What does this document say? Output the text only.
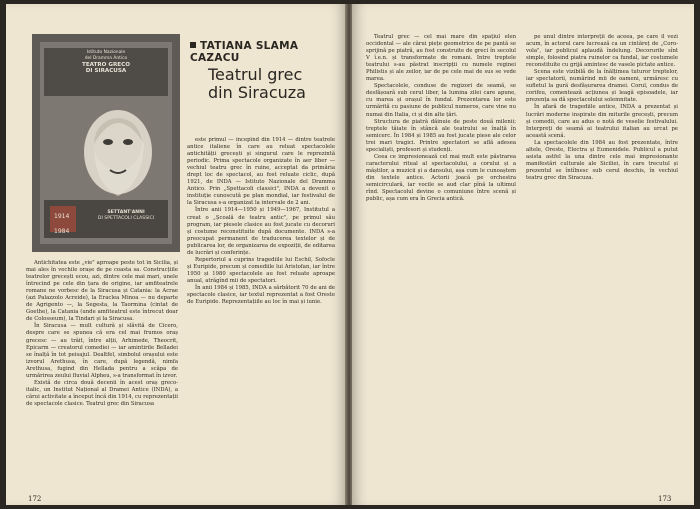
Istituto Nazionale
del Dramma Antico
TEATRO GRECO
DI SIRACUSA
1914
1984
SETTANT'ANNI
DI SPETTACOLI CLASSICI
TATIANA SLAMA CAZACU
Teatrul grec din Siracuza

Antichitatea este „vie" aproape peste tot în Sicilia, și mai ales în vechile orașe de pe coasta sa. Construcțiile teatrelor grecești ecou, azi, dintre cele mai mari, unele întrecind pe cele din țara de origine, iar amfiteatrele romane ne vorbesc de la Siracusa și Catania: la Acrae (azi Palazzolo Acreide), la Eraclea Minoa — nu departe de Agrigento —, la Segesta, la Taormina (cintat de Goethe), la Catania (unde amfiteatrul este întrecut doar de Colosseum), la Tindari și la Siracusa.

În Siracusa — mult cultură și slăvită de Cicero, despre care se spunea că era cel mai frumos oraș grecesc — au trăit, între alții, Arhimede, Theocrit, Epicarm — creatorul comediei — iar amintirile Belladei se înalță în tot peisajul. Dealtfel, simbolul orașului este izvorul Arethusa, în care, după legendă, nimfa Arethusa, fugind din Hellada pentru a scăpa de urmărirea zeului fluvial Alpheu, s-a transformat în izvor.

Există de circa două decenii în acest oraș greco-italic, un Institut Național al Dramei Antice (INDA), a cărui activitate a început încă din 1914, cu reprezentații de spectacole clasice. Teatrul grec din Siracusa

este primul — începînd din 1914 — dintre teatrele antice italiene în care au reluat spectacolele antichității grecești și singurul care le reprezintă periodic. Prima spectacole organizate în aer liber — vechiul teatru grec în ruine, acceptat da primăria drept loc de spectacol, au fost reluate ciclic, după 1921, de INDA — Istituto Nazionale del Dramma Antico. Prin „Spettacoli classici", INDA a devenit o instituție cunoscută pe plan mondial, iar festivalul de la Siracusa s-a organizat la intervale de 2 ani.

Între anii 1914—1950 și 1949—1967, Institutul a creat o „Școală de teatru antic", pe primul său program, iar piesele clasice au fost jucate cu decoruri și costume reconstituite după documente. INDA s-a preocupat permanent de traducerea textelor și de publicarea lor, de organizarea de expoziții, de editarea de lucrări și conferințe.

Repertoriul a cuprins tragediile lui Eschil, Sofocle și Euripide, precum și comediile lui Aristofan, iar între 1950 și 1980 spectacolele au fost reluate aproape anual, atrăgînd mii de spectatori.

În anii 1984 și 1985, INDA a sărbătorit 70 de ani de spectacole clasice, iar textul reprezentat a fost Oreste de Euripide. Reprezentațiile au loc în mai și iunie.

172

Teatrul grec — cel mai mare din spațiul elen occidental — ale cărui piețe geometrice de pe pantă se sprijină pe piatră, au fost construite de greci în secolul V î.e.n. și transformate de romani. Intre treptele teatrului s-au păstrat inscripții cu numele reginei Philistis și ale zeilor, iar de pe cele mai de sus se vede marea.

Spectacolele, conduse de regizori de seamă, se desfășoară sub cerul liber, la lumina zilei care apune, cu marea și orașul în fundal. Prezentarea lor este urmărită cu pasiune de publicul numeros, care vine nu numai din Italia, ci și din alte țări.

Structura de piatră dăinuie de peste două milenii; treptele tăiate în stâncă ale teatrului se înalță în semicerc. În 1984 și 1985 au fost jucate piese ale celor trei mari tragici. Printre spectatori se află adesea specialiști, profesori și studenți.

Ceea ce impresionează cel mai mult este păstrarea caracterului ritual al spectacolului, a corului și a măștilor, a muzicii și a dansului, așa cum le cunoaștem din textele antice. Actorii joacă pe orchestra semicirculară, iar vocile se aud clar pînă la ultimul rînd. Spectacolul devine o comuniune între scenă și public, așa cum era în Grecia antică.

pe unul dintre interpreții de aceea, pe care îl vezi acum, în actorul care lucrează ca un cintăreț de „Coro-vola", iar publicul aplaudă îndelung. Decorurile sînt simple, folosind piatra ruinelor ca fundal, iar costumele reconstituite cu grijă amintesc de vasele pictate antice.

Scena este vizibilă de la înălțimea tuturor treptelor, iar spectatorii, numărind mii de oameni, urmăresc cu sufletul la gură desfășurarea dramei. Corul, condus de corifeu, comentează acțiunea și leagă episoadele, iar prezența sa dă spectacolului solemnitate.

În afară de tragediile antice, INDA a prezentat și lucrări moderne inspirate din miturile grecești, precum și comedii, care au adus o notă de veselie festivalului. Interpreți de seamă ai teatrului italian au urcat pe această scenă.

La spectacolele din 1984 au fost prezentate, între altele, Oreste, Electra și Eumenidele. Publicul a putut asista astfel la una dintre cele mai impresionante manifestări culturale ale Siciliei, în care trecutul și prezentul se întîlnesc sub cerul deschis, în vechiul teatru grec din Siracuza.

173
